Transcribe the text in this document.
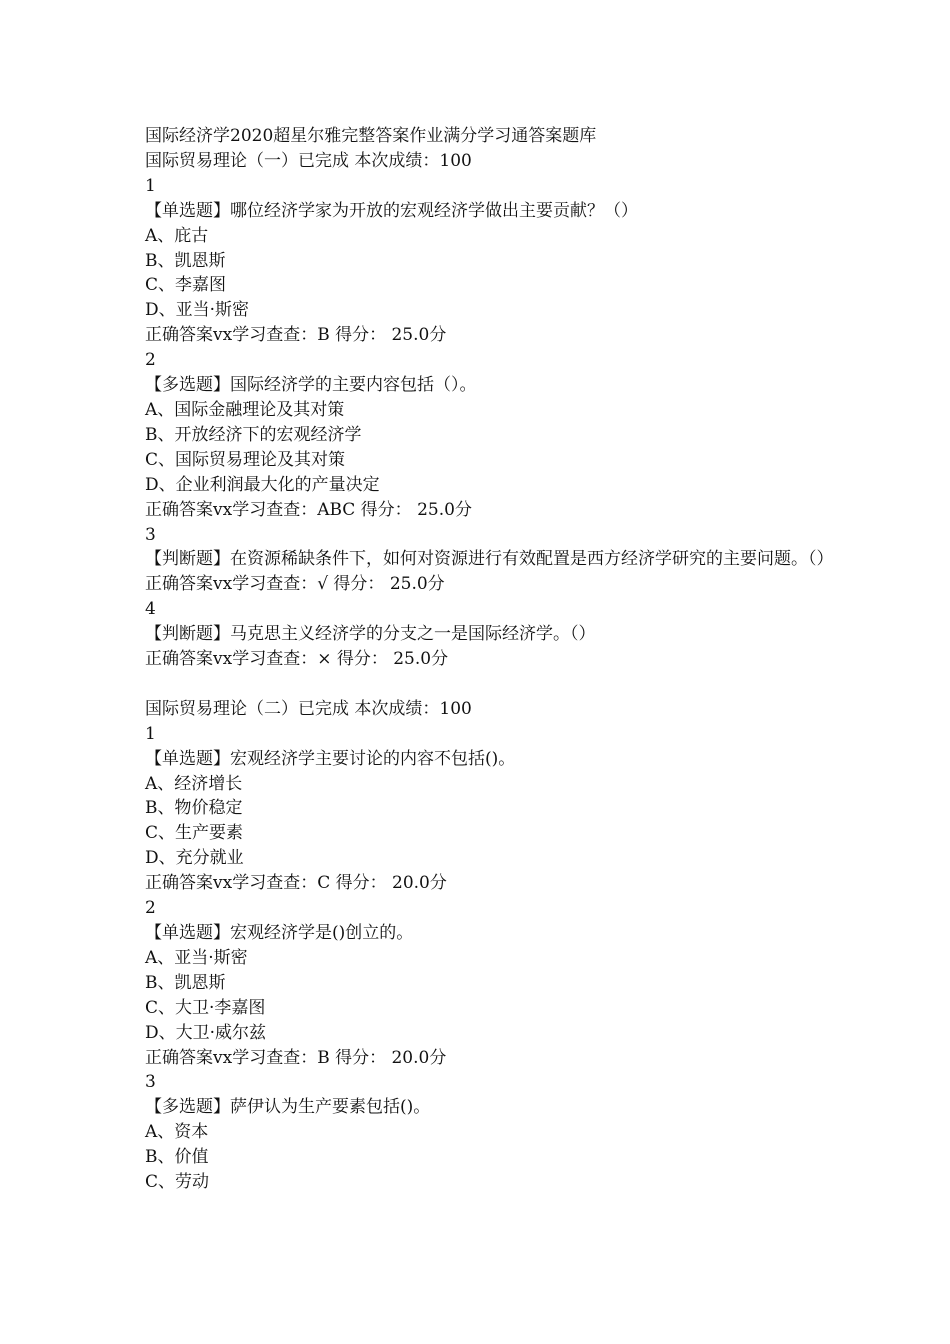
国际经济学2020超星尔雅完整答案作业满分学习通答案题库
国际贸易理论（一）已完成 本次成绩：100
1
【单选题】哪位经济学家为开放的宏观经济学做出主要贡献？（）
A、庇古
B、凯恩斯
C、李嘉图
D、亚当·斯密
正确答案vx学习查查：B 得分： 25.0分
2
【多选题】国际经济学的主要内容包括（）。
A、国际金融理论及其对策
B、开放经济下的宏观经济学
C、国际贸易理论及其对策
D、企业利润最大化的产量决定
正确答案vx学习查查：ABC 得分： 25.0分
3
【判断题】在资源稀缺条件下，如何对资源进行有效配置是西方经济学研究的主要问题。（）
正确答案vx学习查查：√ 得分： 25.0分
4
【判断题】马克思主义经济学的分支之一是国际经济学。（）
正确答案vx学习查查：× 得分： 25.0分
国际贸易理论（二）已完成 本次成绩：100
1
【单选题】宏观经济学主要讨论的内容不包括()。
A、经济增长
B、物价稳定
C、生产要素
D、充分就业
正确答案vx学习查查：C 得分： 20.0分
2
【单选题】宏观经济学是()创立的。
A、亚当·斯密
B、凯恩斯
C、大卫·李嘉图
D、大卫·威尔兹
正确答案vx学习查查：B 得分： 20.0分
3
【多选题】萨伊认为生产要素包括()。
A、资本
B、价值
C、劳动
